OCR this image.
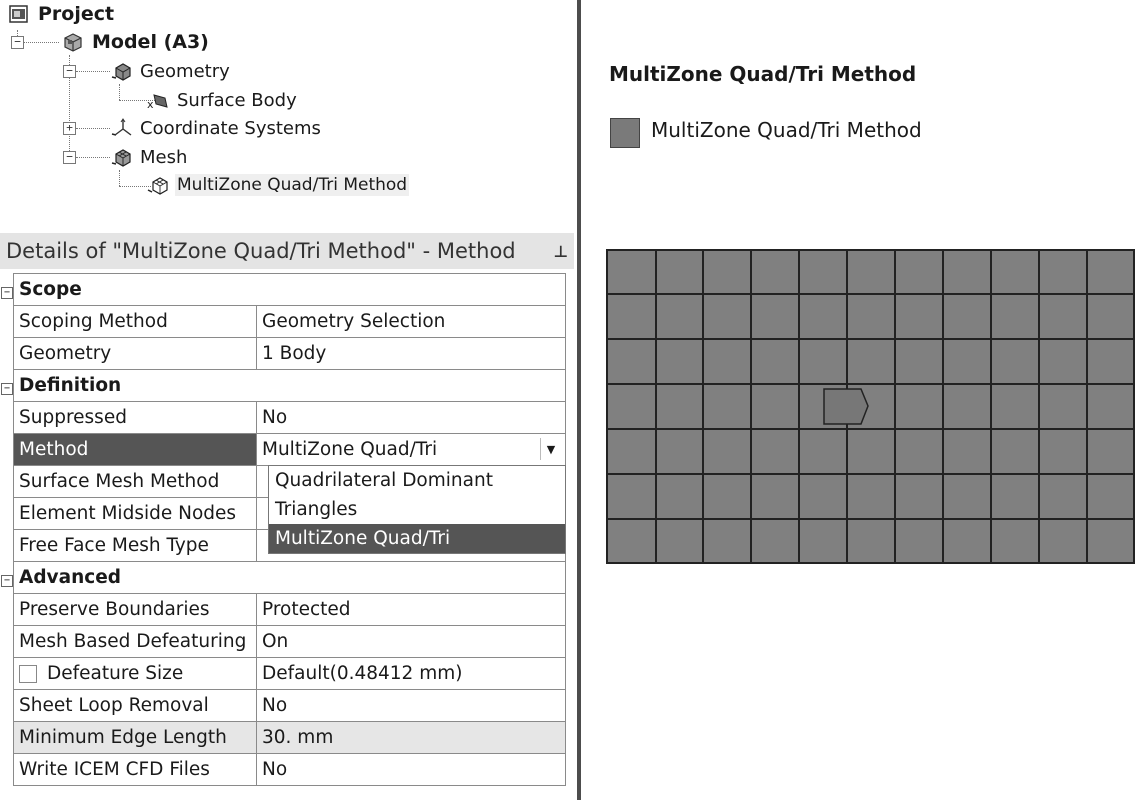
−
−
+
−
Project
Model (A3)
Geometry
x Surface Body
Coordinate Systems
Mesh
MultiZone Quad/Tri Method
Details of "MultiZone Quad/Tri Method" - Method ⊥
−	Scope	
	Scoping Method	Geometry Selection
	Geometry	1 Body
−	Definition	
	Suppressed	No
	Method	MultiZone Quad/Tri ▼

	Surface Mesh Method	
	Element Midside Nodes	
	Free Face Mesh Type	
−	Advanced	
	Preserve Boundaries	Protected
	Mesh Based Defeaturing	On
	Defeature Size	Default(0.48412 mm)
	Sheet Loop Removal	No
	Minimum Edge Length	30. mm
	Write ICEM CFD Files	No
Quadrilateral Dominant
Triangles
MultiZone Quad/Tri
MultiZone Quad/Tri Method
MultiZone Quad/Tri Method
